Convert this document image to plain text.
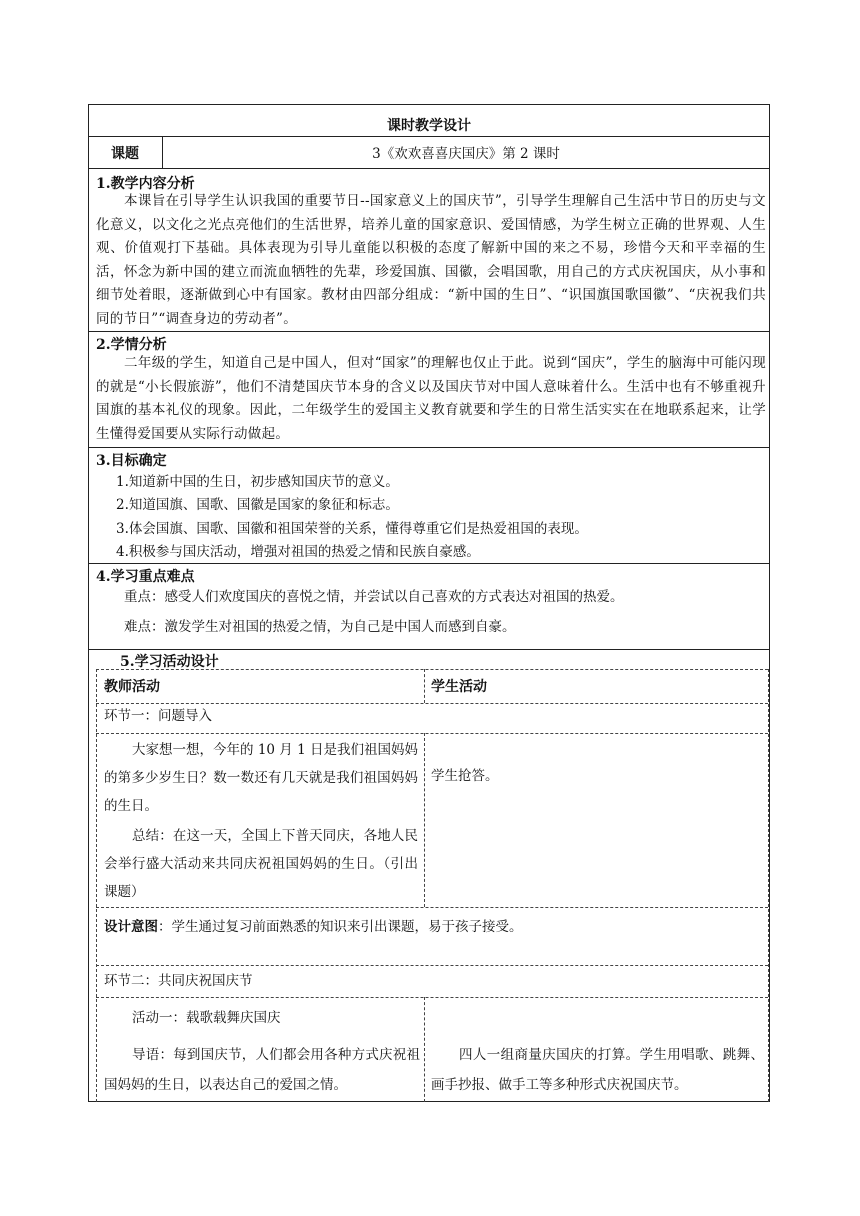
课时教学设计
课题	3《欢欢喜喜庆国庆》第 2 课时
1.教学内容分析
本课旨在引导学生认识我国的重要节日--国家意义上的国庆节”，引导学生理解自己生活中节日的历史与文化意义，以文化之光点亮他们的生活世界，培养儿童的国家意识、爱国情感，为学生树立正确的世界观、人生观、价值观打下基础。具体表现为引导儿童能以积极的态度了解新中国的来之不易，珍惜今天和平幸福的生活，怀念为新中国的建立而流血牺牲的先辈，珍爱国旗、国徽，会唱国歌，用自己的方式庆祝国庆，从小事和细节处着眼，逐渐做到心中有国家。教材由四部分组成：“新中国的生日”、“识国旗国歌国徽”、“庆祝我们共同的节日”“调查身边的劳动者”。
2.学情分析
二年级的学生，知道自己是中国人，但对“国家”的理解也仅止于此。说到“国庆”，学生的脑海中可能闪现的就是“小长假旅游”，他们不清楚国庆节本身的含义以及国庆节对中国人意味着什么。生活中也有不够重视升国旗的基本礼仪的现象。因此，二年级学生的爱国主义教育就要和学生的日常生活实实在在地联系起来，让学生懂得爱国要从实际行动做起。
3.目标确定
1.知道新中国的生日，初步感知国庆节的意义。
2.知道国旗、国歌、国徽是国家的象征和标志。
3.体会国旗、国歌、国徽和祖国荣誉的关系，懂得尊重它们是热爱祖国的表现。
4.积极参与国庆活动，增强对祖国的热爱之情和民族自豪感。
4.学习重点难点
重点：感受人们欢度国庆的喜悦之情，并尝试以自己喜欢的方式表达对祖国的热爱。
难点：激发学生对祖国的热爱之情，为自己是中国人而感到自豪。
5.学习活动设计
教师活动	学生活动
环节一：问题导入
大家想一想，今年的 10 月 1 日是我们祖国妈妈的第多少岁生日？数一数还有几天就是我们祖国妈妈的生日。
总结：在这一天，全国上下普天同庆，各地人民会举行盛大活动来共同庆祝祖国妈妈的生日。（引出课题）
学生抢答。
设计意图：学生通过复习前面熟悉的知识来引出课题，易于孩子接受。
环节二：共同庆祝国庆节
活动一：载歌载舞庆国庆
导语：每到国庆节，人们都会用各种方式庆祝祖国妈妈的生日，以表达自己的爱国之情。
四人一组商量庆国庆的打算。学生用唱歌、跳舞、画手抄报、做手工等多种形式庆祝国庆节。
